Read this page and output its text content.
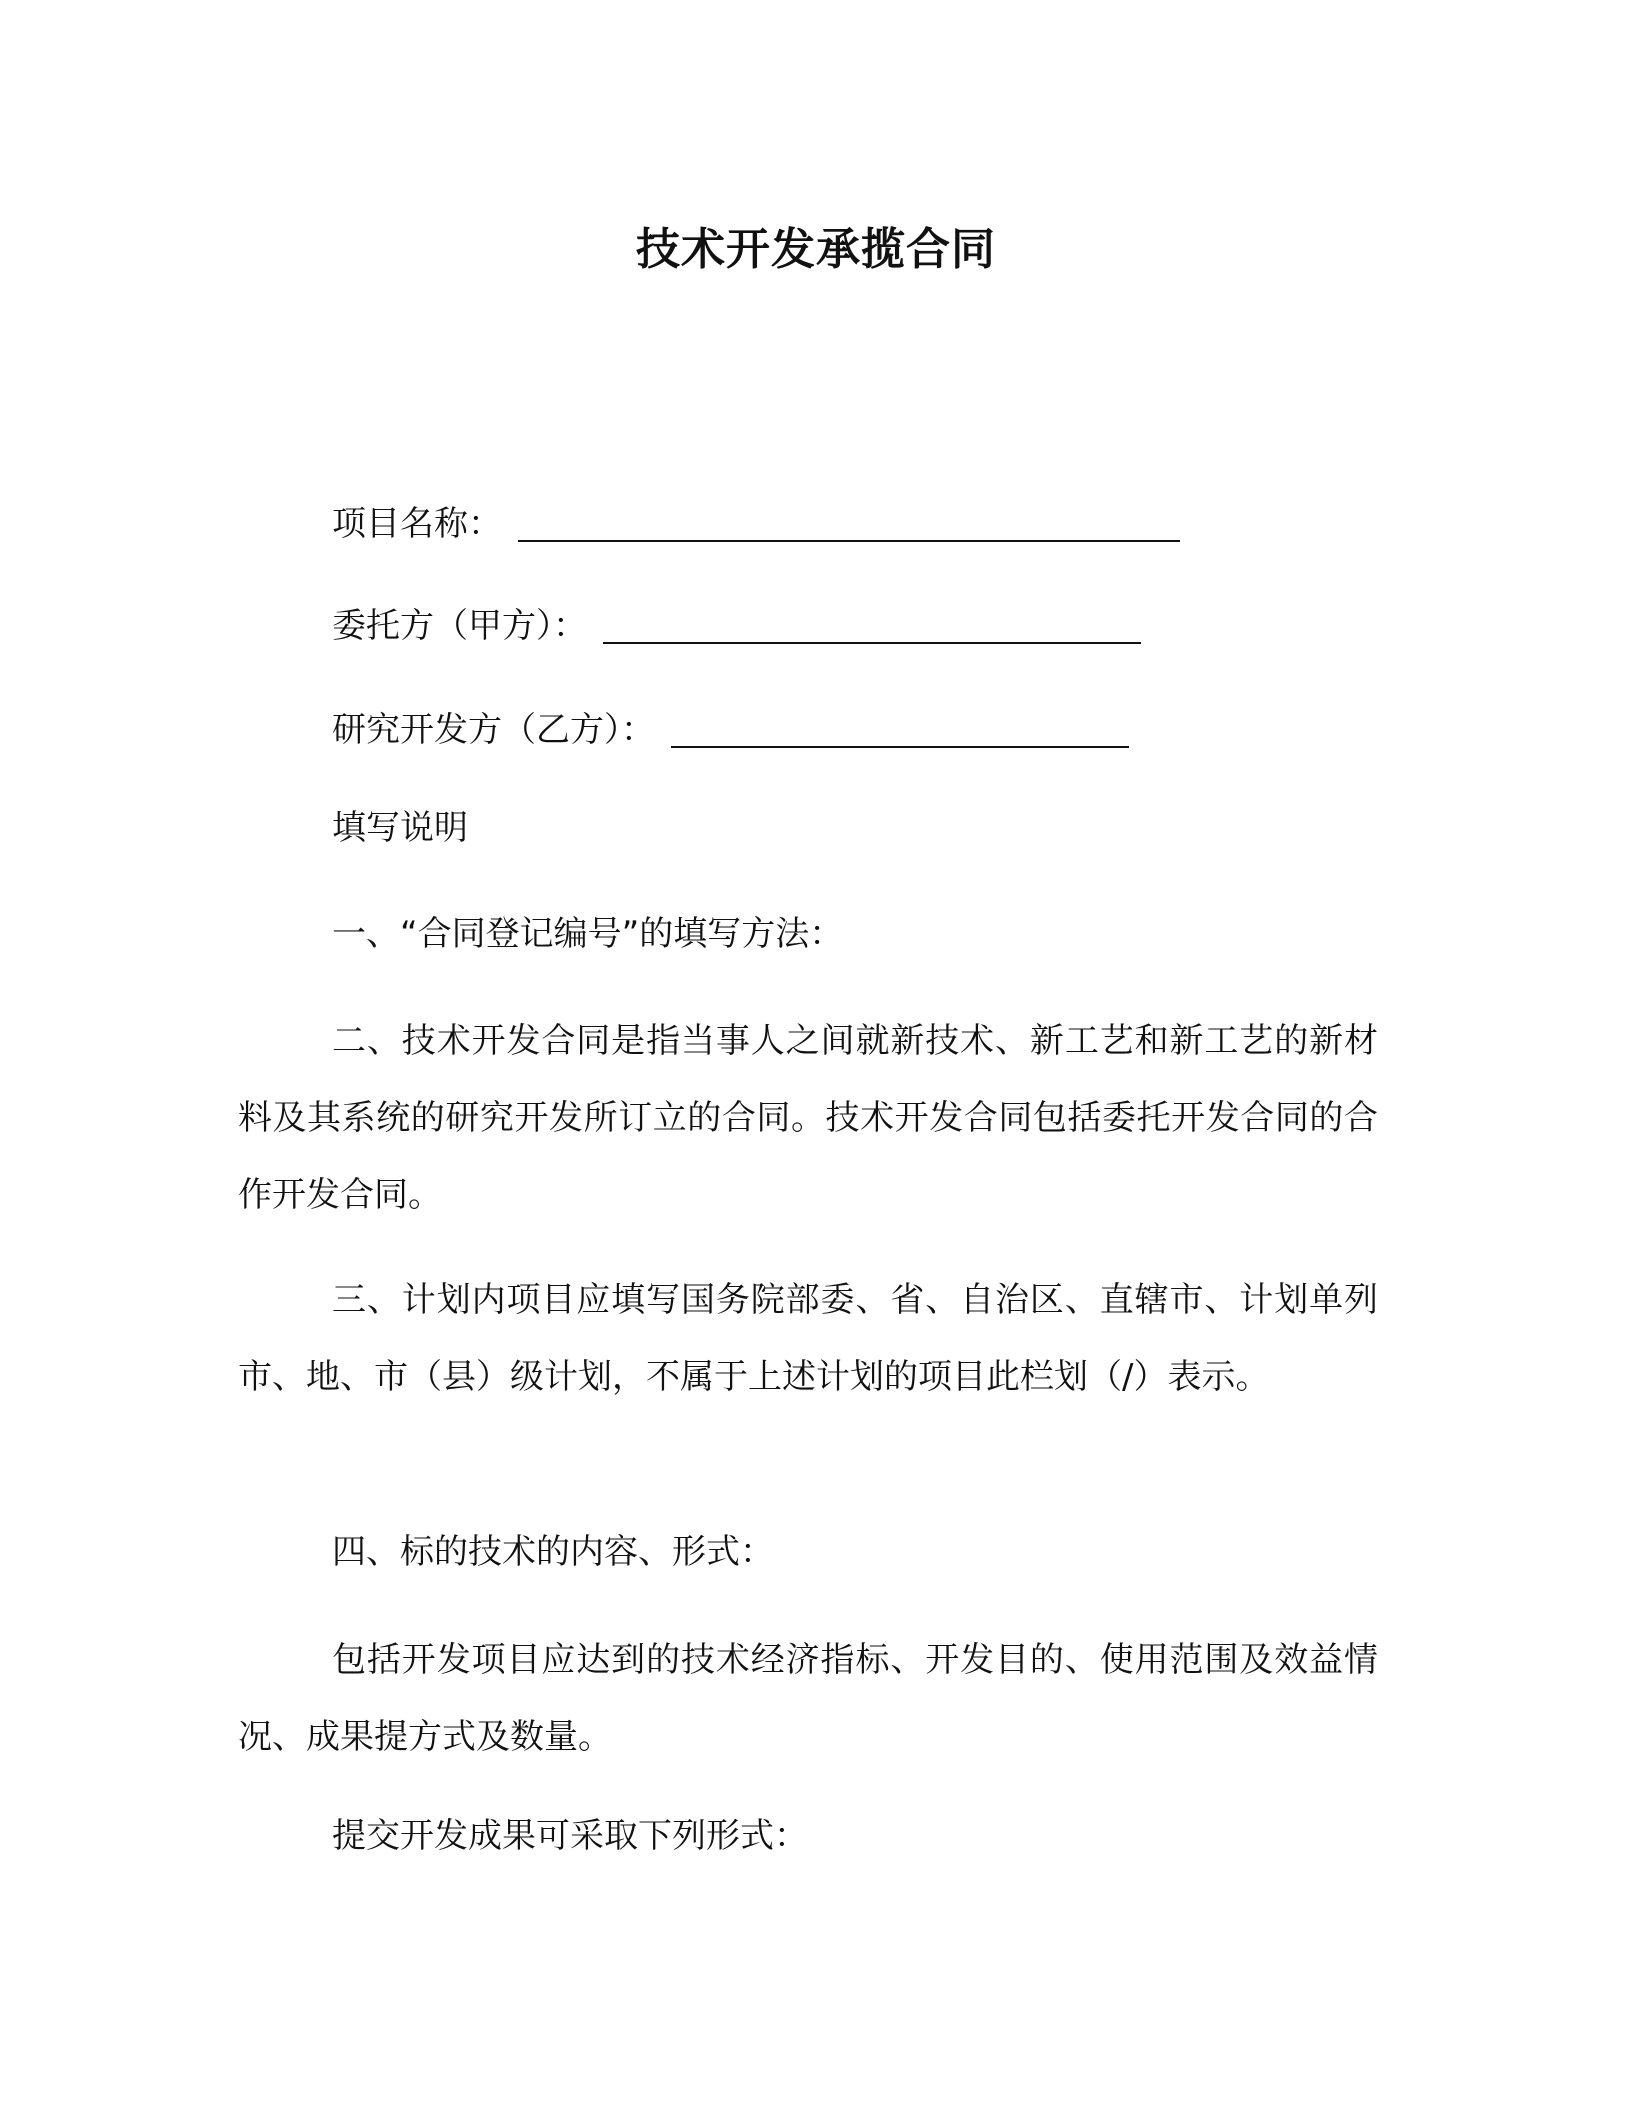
技术开发承揽合同
项目名称：
委托方（甲方）：
研究开发方（乙方）：
填写说明
一、“合同登记编号”的填写方法：

二、技术开发合同是指当事人之间就新技术、新工艺和新工艺的新材料及其系统的研究开发所订立的合同。技术开发合同包括委托开发合同的合作开发合同。

三、计划内项目应填写国务院部委、省、自治区、直辖市、计划单列市、地、市（县）级计划，不属于上述计划的项目此栏划（/）表示。

四、标的技术的内容、形式：

包括开发项目应达到的技术经济指标、开发目的、使用范围及效益情况、成果提方式及数量。

提交开发成果可采取下列形式：
